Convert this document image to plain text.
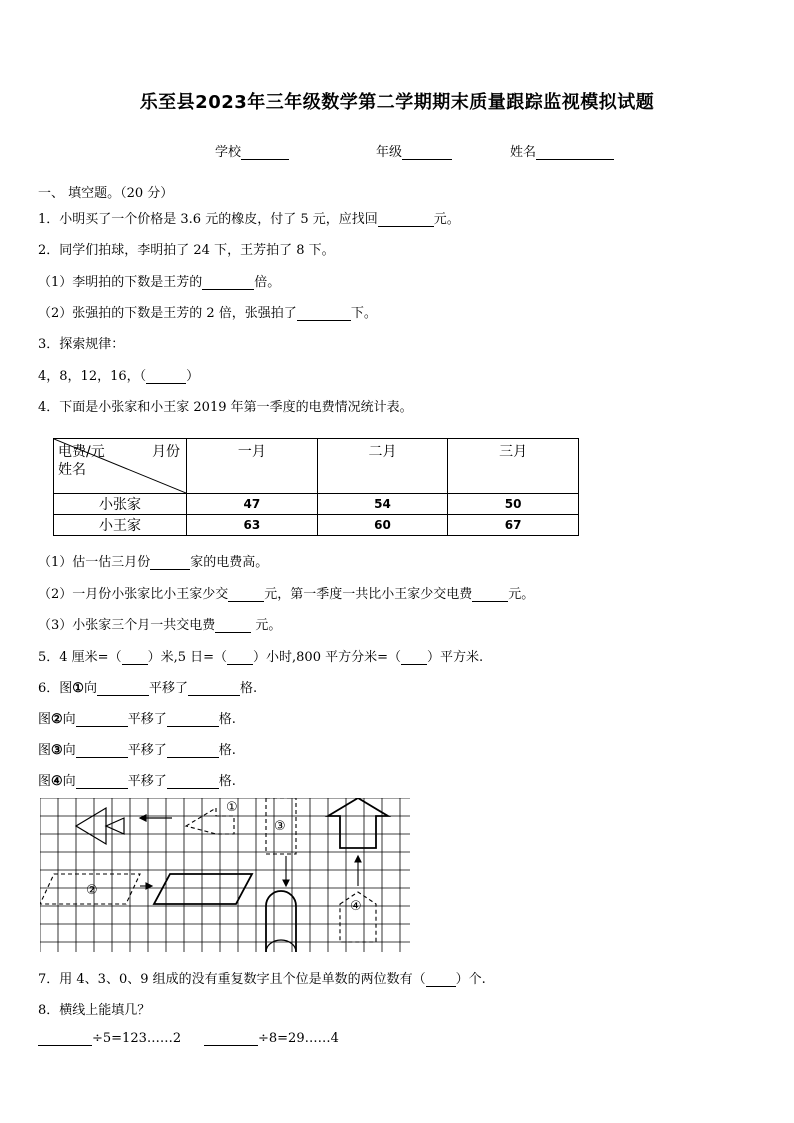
乐至县2023年三年级数学第二学期期末质量跟踪监视模拟试题
学校	年级	姓名
一、 填空题。（20 分）
1．小明买了一个价格是 3.6 元的橡皮，付了 5 元，应找回	元。
2．同学们拍球，李明拍了 24 下，王芳拍了 8 下。
（1）李明拍的下数是王芳的	倍。
（2）张强拍的下数是王芳的 2 倍，张强拍了	下。
3．探索规律：
4，8，12，16，（	）
4．下面是小张家和小王家 2019 年第一季度的电费情况统计表。
月份
电费/元
姓名	一月	二月	三月
小张家	47	54	50
小王家	63	60	67
（1）估一估三月份	家的电费高。
（2）一月份小张家比小王家少交	元，第一季度一共比小王家少交电费	元。
（3）小张家三个月一共交电费	元。
5．4 厘米=（ ）米,5 日=（ ）小时,800 平方分米=（ ）平方米.
6．图①向	平移了	格.
图②向	平移了	格.
图③向	平移了	格.
图④向	平移了	格.
①
②
③
④
7．用 4、3、0、9 组成的没有重复数字且个位是单数的两位数有（ ）个.
8．横线上能填几？
÷5=123……2	÷8=29……4
